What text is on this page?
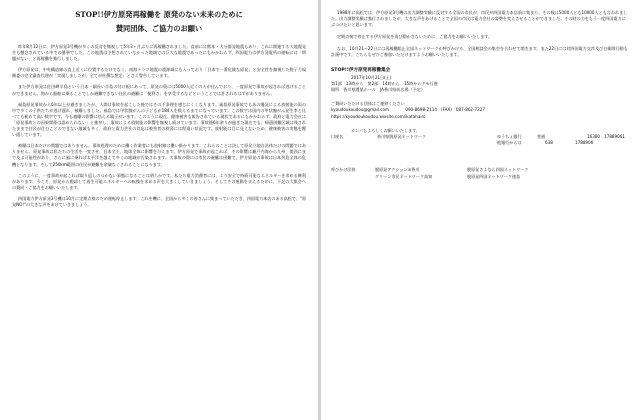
STOP!!伊方原発再稼働を 原発のない未来のために
賛同団体、ご協力のお願い

昨年8月12日に、伊方原発3号機が多くの反対を無視して5年3ヶ月ぶりに再稼働されました。直前には熊本・大分群発地震もあり、これに関連する大地震発生も懸念されている中での暴挙でした。この地震は予想されていなかった地域での巨大な地震であったにもかかわらず、四国電力は伊方発電所の運転には「問題がない」と再稼働を強行しました。

伊方原発は、中央構造線の直上近くに位置するだけでなく、南海トラフ地震の震源域にも入っており「日本で一番危険な原発」と安全性を無視した脱子力規制委の完全審査代理が「実現しましたが、全てが杜撰な想定」とさえ警告しています。

また伊方原発は佐田岬半島という日本一細長い半島の付け根にあって、原発の奥には5000人近くの人が住んでおり、一度原発で事故が起きれば逃げることができません。海から船舶に乗ることでしか避難できない住民の避難は「便利さ」を享受するなどということでは許されるはずがありません。

福島原発事故から6年以上が過ぎましたが、人間は事故を起こした後ではその不条理を感じにくくなります。福島原発事故でもあの爆発による放射能の雨の中で多くの子供たちが逃げ遅れ、被曝しました。福島では甲状腺がんの子どもが184人を数えるまでになっています。この数字は国内の甲状腺がん発生率と比べても極めて高い数字です。今も被曝の影響に怯える親子がいます。このように現在、健康被害も報告されている現状であるにもかかわらず、政府と電力会社は「原発事故との因果関係は認められない」と強弁し、事故による放射能の影響を無視し続けています。事故後6年余りが過ぎた現在でも、帰還困難区域は残されたままで住民が住むことのできない地域も多く、政府と電力会社の対応は被害者の救済には程遠い状況です。放射能は目に見えないため、健康被害の実態を覆い隠しています。

被曝は日本だけの問題ではありません。事故処理のために働く作業者にも放射線は襲い掛かります。これらのことは決して原発立地自治体だけの問題ではありません。原発事故は私たちの生活を一変させ、日本全土、地球全体に影響を与えます。伊方原発で事故が起これば、その影響は瀬戸内海から九州、関西にまで及ぶ可能性があり、さらに風に乗れば太平洋を越えて多くの地域が汚染されます。大事故の際には市民の避難は困難で、伊方原発の事故は日本列島全体の危機となります。そして250km範囲の住民が避難を余儀なくされることになります。

このように、一度事故が起これば取り返しのつかない事態になることは明らかです。私たち電力消費者には、より安全で持続可能なエネルギーを求める権利があります。今こそ、原発から脱却して再生可能エネルギーへの転換を求める声を大きくしていきましょう。そしてその運動を支えるために、下記の大集会への賛同・ご協力をお願いいたします。

四国電力伊方原発3号機は10月に定期点検のため運転停止します。これを機に、全国から多くの皆さんに集まっていただき、四国電力本店のある高松で、"原発NO!"の大きな声をあげていきましょう。

1988年に高松では、伊方原発3号機の出力調整実験に反対する全国の市民が、市民が四国電力本店前に集まり、その数は5000人とも10000人とも言われました。出力調整実験は強行されましたが、大きな声をあげることで全国の市民は電力会社の姿勢を変えさせることができました。その時の力をもう一度四国電力にぶつけたいと思います。

定期点検で停止する伊方原発を再び動かさないために、ご協力をお願いいたします。

なお、10月21〜22日には再稼働阻止全国ネットワークが呼びかける、全国相談会の集会を合わせて開きます。また22日には対四国電力交渉及び自衛隊行動も計画中です。こちらもぜひご参加いただけますようお願いいたします。

STOP!!伊方原発再稼働集会
2017年10月21日(土)
第1部　13時から　第2部　14時から　15時からデモ行進
場所　香川県農協ホール　JA香川県前広場（予定）
ご賛同いただける団体はご連絡ください
kyoudoukoudou@gmail.com　　　　090-8698-2114　(FAX)　087-862-7227
https://kyoudoukoudou.wixsite.com/ikatahairo
カンパもよろしくお願いいたします。
口座名	香川県脱原発ネットワーク	ゆうちょ銀行	普通	16380　17889061
他銀行からは	638	1788906
呼びかけ団体	脱原発アクションin香川	脱原発さよなら四国ネットワーク
グリーン市民ネットワーク高知	脱原発四国ネットワーク徳島
